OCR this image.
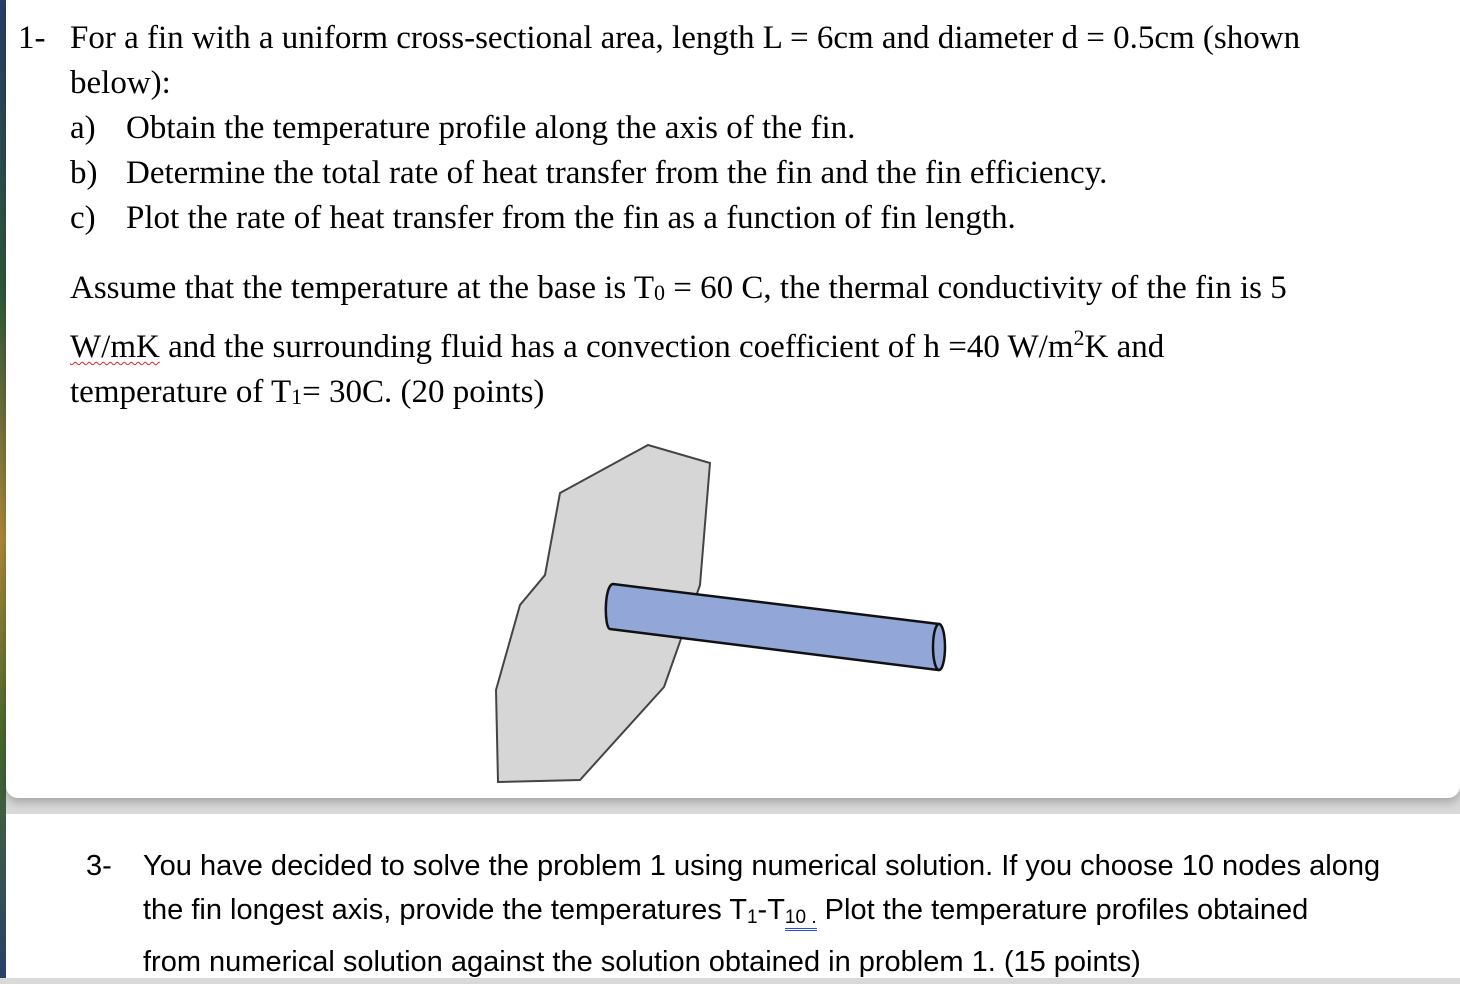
1- For a fin with a uniform cross-sectional area, length L = 6cm and diameter d = 0.5cm (shown
below):
a) Obtain the temperature profile along the axis of the fin.
b) Determine the total rate of heat transfer from the fin and the fin efficiency.
c) Plot the rate of heat transfer from the fin as a function of fin length.
Assume that the temperature at the base is T0 = 60 C, the thermal conductivity of the fin is 5
W/mK and the surrounding fluid has a convection coefficient of h =40 $W/m^2K$ and
temperature of T1= 30C. (20 points)
3- You have decided to solve the problem 1 using numerical solution. If you choose 10 nodes along
the fin longest axis, provide the temperatures T1-T10 . Plot the temperature profiles obtained
from numerical solution against the solution obtained in problem 1. (15 points)
